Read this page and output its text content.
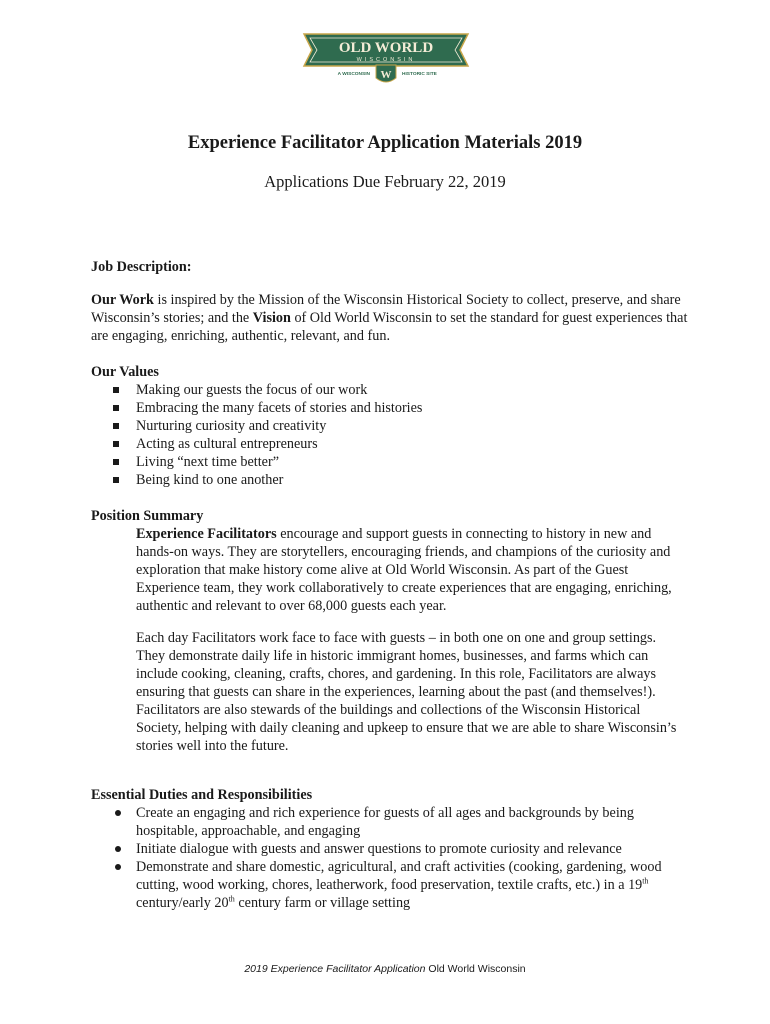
OLD WORLD
WISCONSIN
A WISCONSIN	HISTORIC SITE
W
Experience Facilitator Application Materials 2019
Applications Due February 22, 2019
Job Description:
Our Work is inspired by the Mission of the Wisconsin Historical Society to collect, preserve, and share Wisconsin’s stories; and the Vision of Old World Wisconsin to set the standard for guest experiences that are engaging, enriching, authentic, relevant, and fun.
Our Values
Making our guests the focus of our work
Embracing the many facets of stories and histories
Nurturing curiosity and creativity
Acting as cultural entrepreneurs
Living “next time better”
Being kind to one another
Position Summary
Experience Facilitators encourage and support guests in connecting to history in new and hands-on ways. They are storytellers, encouraging friends, and champions of the curiosity and exploration that make history come alive at Old World Wisconsin. As part of the Guest Experience team, they work collaboratively to create experiences that are engaging, enriching, authentic and relevant to over 68,000 guests each year.
Each day Facilitators work face to face with guests – in both one on one and group settings. They demonstrate daily life in historic immigrant homes, businesses, and farms which can include cooking, cleaning, crafts, chores, and gardening. In this role, Facilitators are always ensuring that guests can share in the experiences, learning about the past (and themselves!). Facilitators are also stewards of the buildings and collections of the Wisconsin Historical Society, helping with daily cleaning and upkeep to ensure that we are able to share Wisconsin’s stories well into the future.
Essential Duties and Responsibilities
Create an engaging and rich experience for guests of all ages and backgrounds by being hospitable, approachable, and engaging
Initiate dialogue with guests and answer questions to promote curiosity and relevance
Demonstrate and share domestic, agricultural, and craft activities (cooking, gardening, wood cutting, wood working, chores, leatherwork, food preservation, textile crafts, etc.) in a 19th century/early 20th century farm or village setting
2019 Experience Facilitator Application Old World Wisconsin
